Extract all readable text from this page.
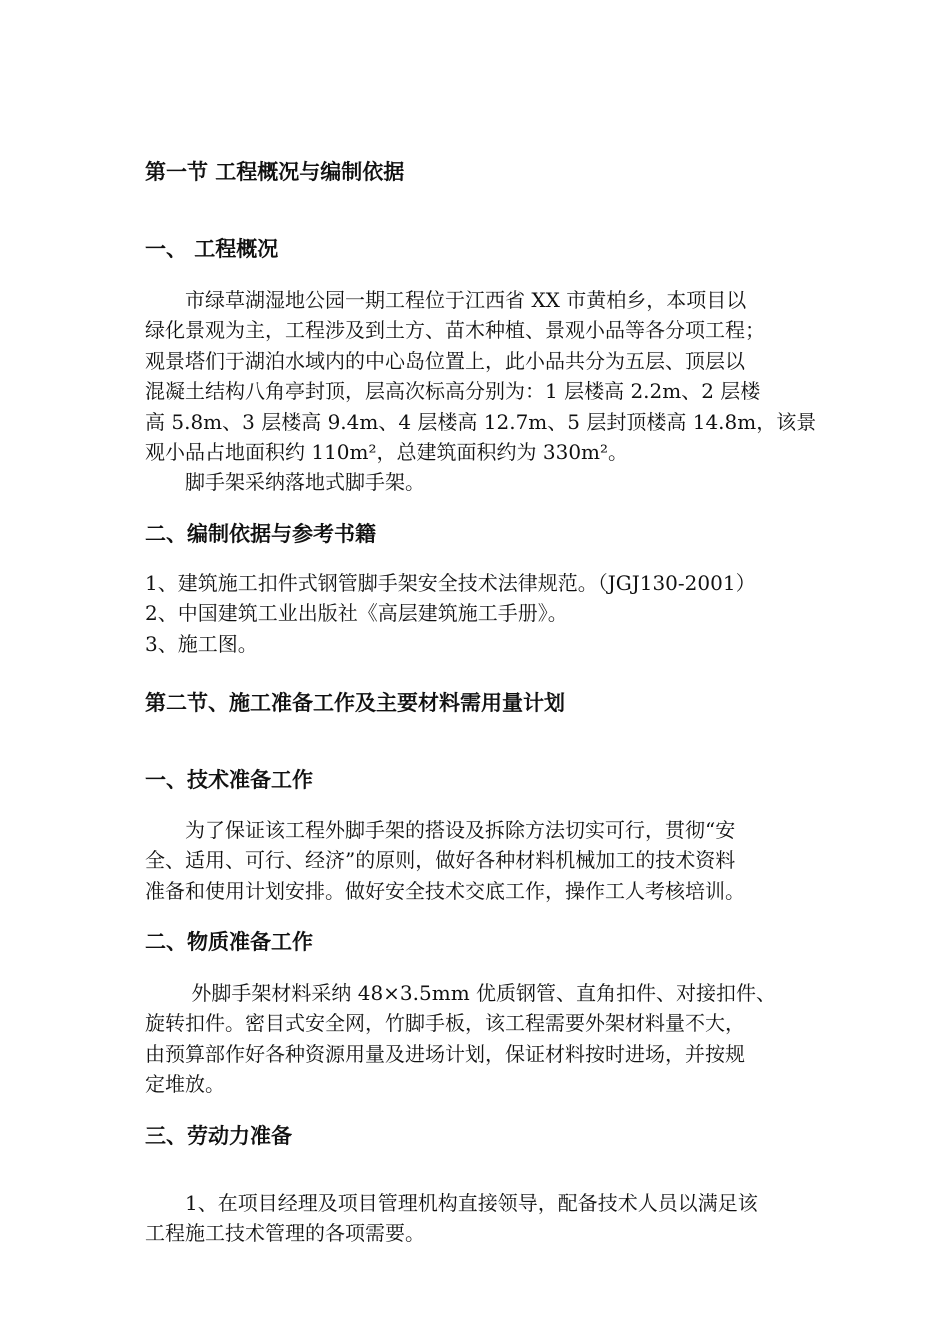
第一节 工程概况与编制依据
一、 工程概况
　　市绿草湖湿地公园一期工程位于江西省 XX 市黄柏乡，本项目以
绿化景观为主，工程涉及到土方、苗木种植、景观小品等各分项工程；
观景塔们于湖泊水域内的中心岛位置上，此小品共分为五层、顶层以
混凝土结构八角亭封顶，层高次标高分别为：1 层楼高 2.2m、2 层楼
高 5.8m、3 层楼高 9.4m、4 层楼高 12.7m、5 层封顶楼高 14.8m，该景
观小品占地面积约 110m²，总建筑面积约为 330m²。
　　脚手架采纳落地式脚手架。
二、编制依据与参考书籍
1、建筑施工扣件式钢管脚手架安全技术法律规范。（JGJ130-2001）
2、中国建筑工业出版社《高层建筑施工手册》。
3、施工图。
第二节、施工准备工作及主要材料需用量计划
一、技术准备工作
　　为了保证该工程外脚手架的搭设及拆除方法切实可行，贯彻“安
全、适用、可行、经济”的原则，做好各种材料机械加工的技术资料
准备和使用计划安排。做好安全技术交底工作，操作工人考核培训。
二、物质准备工作
　　 外脚手架材料采纳 48×3.5mm 优质钢管、直角扣件、对接扣件、
旋转扣件。密目式安全网，竹脚手板，该工程需要外架材料量不大，
由预算部作好各种资源用量及进场计划，保证材料按时进场，并按规
定堆放。
三、劳动力准备
　　1、在项目经理及项目管理机构直接领导，配备技术人员以满足该
工程施工技术管理的各项需要。
